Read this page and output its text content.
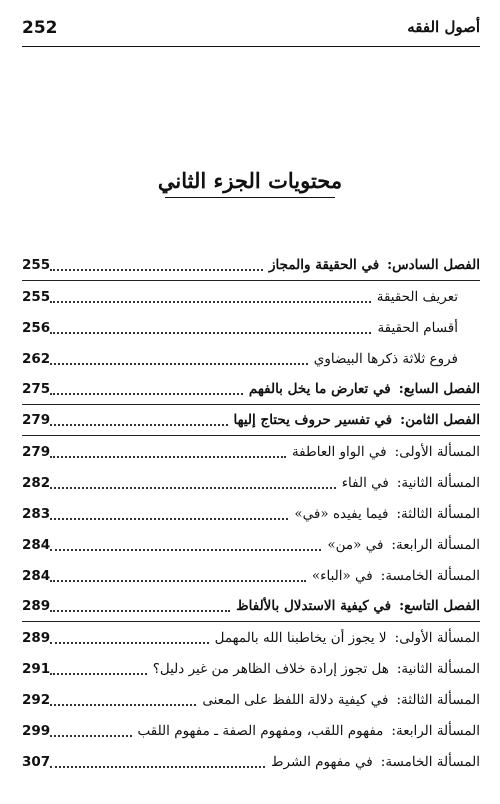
252	أصول الفقه
محتويات الجزء الثاني
255	الفصل السادس:في الحقيقة والمجاز
255	تعريف الحقيقة
256	أقسام الحقيقة
262	فروع ثلاثة ذكرها البيضاوي
275	الفصل السابع:في تعارض ما يخل بالفهم
279	الفصل الثامن:في تفسير حروف يحتاج إليها
279	المسألة الأولى:في الواو العاطفة
282	المسألة الثانية:في الفاء
283	المسألة الثالثة:فيما يفيده «في»
284	المسألة الرابعة:في «من»
284	المسألة الخامسة:في «الباء»
289	الفصل التاسع:في كيفية الاستدلال بالألفاظ
289	المسألة الأولى:لا يجوز أن يخاطبنا الله بالمهمل
291	المسألة الثانية:هل تجوز إرادة خلاف الظاهر من غير دليل؟
292	المسألة الثالثة:في كيفية دلالة اللفظ على المعنى
299	المسألة الرابعة:مفهوم اللقب، ومفهوم الصفة ـ مفهوم اللقب
307	المسألة الخامسة:في مفهوم الشرط
